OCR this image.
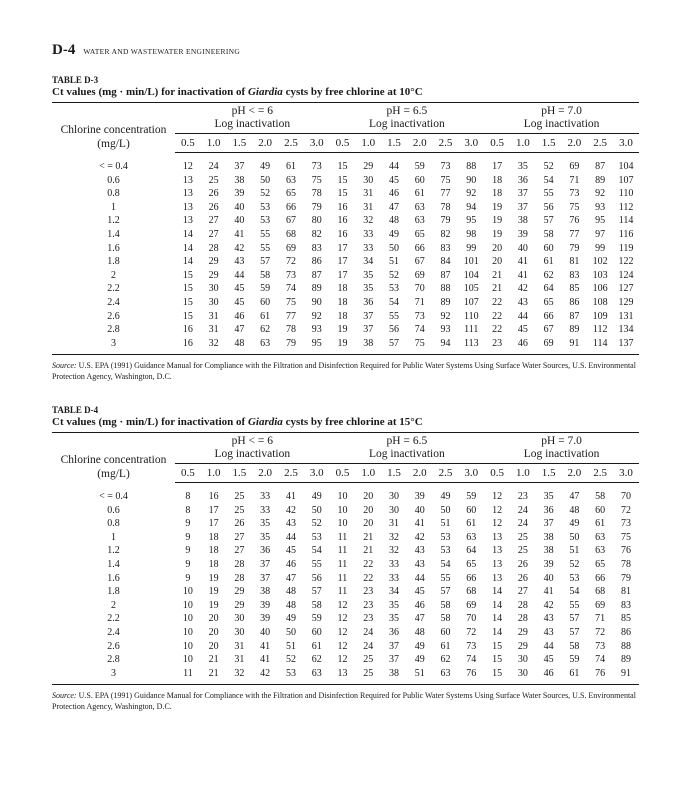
D-4 WATER AND WASTEWATER ENGINEERING
TABLE D-3
Ct values (mg · min/L) for inactivation of Giardia cysts by free chlorine at 10°C
Chlorine concentration
(mg/L)	pH < = 6						pH = 6.5						pH = 7.0					
	Log inactivation						Log inactivation						Log inactivation					
	0.5	1.0	1.5	2.0	2.5	3.0	0.5	1.0	1.5	2.0	2.5	3.0	0.5	1.0	1.5	2.0	2.5	3.0
< = 0.4	12	24	37	49	61	73	15	29	44	59	73	88	17	35	52	69	87	104
0.6	13	25	38	50	63	75	15	30	45	60	75	90	18	36	54	71	89	107
0.8	13	26	39	52	65	78	15	31	46	61	77	92	18	37	55	73	92	110
1	13	26	40	53	66	79	16	31	47	63	78	94	19	37	56	75	93	112
1.2	13	27	40	53	67	80	16	32	48	63	79	95	19	38	57	76	95	114
1.4	14	27	41	55	68	82	16	33	49	65	82	98	19	39	58	77	97	116
1.6	14	28	42	55	69	83	17	33	50	66	83	99	20	40	60	79	99	119
1.8	14	29	43	57	72	86	17	34	51	67	84	101	20	41	61	81	102	122
2	15	29	44	58	73	87	17	35	52	69	87	104	21	41	62	83	103	124
2.2	15	30	45	59	74	89	18	35	53	70	88	105	21	42	64	85	106	127
2.4	15	30	45	60	75	90	18	36	54	71	89	107	22	43	65	86	108	129
2.6	15	31	46	61	77	92	18	37	55	73	92	110	22	44	66	87	109	131
2.8	16	31	47	62	78	93	19	37	56	74	93	111	22	45	67	89	112	134
3	16	32	48	63	79	95	19	38	57	75	94	113	23	46	69	91	114	137
Source: U.S. EPA (1991) Guidance Manual for Compliance with the Filtration and Disinfection Required for Public Water Systems Using Surface Water Sources, U.S. Environmental Protection Agency, Washington, D.C.
TABLE D-4
Ct values (mg · min/L) for inactivation of Giardia cysts by free chlorine at 15°C
Chlorine concentration
(mg/L)	pH < = 6						pH = 6.5						pH = 7.0					
	Log inactivation						Log inactivation						Log inactivation					
	0.5	1.0	1.5	2.0	2.5	3.0	0.5	1.0	1.5	2.0	2.5	3.0	0.5	1.0	1.5	2.0	2.5	3.0
< = 0.4	8	16	25	33	41	49	10	20	30	39	49	59	12	23	35	47	58	70
0.6	8	17	25	33	42	50	10	20	30	40	50	60	12	24	36	48	60	72
0.8	9	17	26	35	43	52	10	20	31	41	51	61	12	24	37	49	61	73
1	9	18	27	35	44	53	11	21	32	42	53	63	13	25	38	50	63	75
1.2	9	18	27	36	45	54	11	21	32	43	53	64	13	25	38	51	63	76
1.4	9	18	28	37	46	55	11	22	33	43	54	65	13	26	39	52	65	78
1.6	9	19	28	37	47	56	11	22	33	44	55	66	13	26	40	53	66	79
1.8	10	19	29	38	48	57	11	23	34	45	57	68	14	27	41	54	68	81
2	10	19	29	39	48	58	12	23	35	46	58	69	14	28	42	55	69	83
2.2	10	20	30	39	49	59	12	23	35	47	58	70	14	28	43	57	71	85
2.4	10	20	30	40	50	60	12	24	36	48	60	72	14	29	43	57	72	86
2.6	10	20	31	41	51	61	12	24	37	49	61	73	15	29	44	58	73	88
2.8	10	21	31	41	52	62	12	25	37	49	62	74	15	30	45	59	74	89
3	11	21	32	42	53	63	13	25	38	51	63	76	15	30	46	61	76	91
Source: U.S. EPA (1991) Guidance Manual for Compliance with the Filtration and Disinfection Required for Public Water Systems Using Surface Water Sources, U.S. Environmental Protection Agency, Washington, D.C.
